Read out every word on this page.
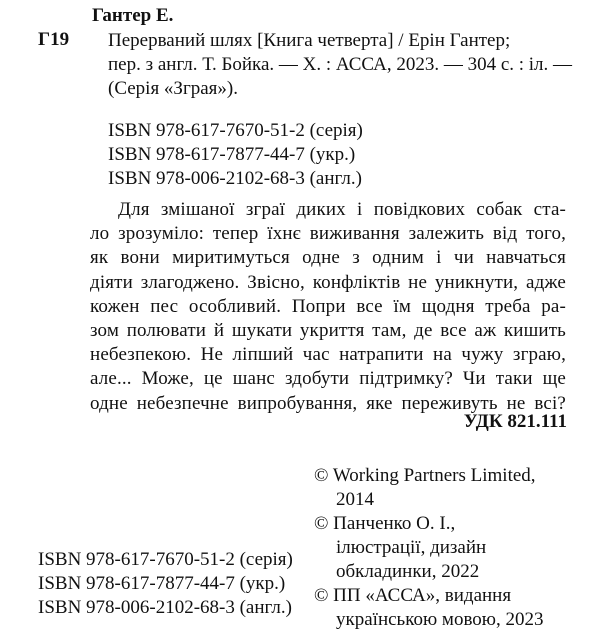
Гантер Е.
Г19 Перерваний шлях [Книга четверта] / Ерін Гантер;
пер. з англ. Т. Бойка. — Х. : АССА, 2023. — 304 с. : іл. —
(Серія «Зграя»).
ISBN 978-617-7670-51-2 (серія)
ISBN 978-617-7877-44-7 (укр.)
ISBN 978-006-2102-68-3 (англ.)
Для змішаної зграї диких і повідкових собак ста-
ло зрозуміло: тепер їхнє виживання залежить від того,
як вони миритимуться одне з одним і чи навчаться
діяти злагоджено. Звісно, конфліктів не уникнути, адже
кожен пес особливий. Попри все їм щодня треба ра-
зом полювати й шукати укриття там, де все аж кишить
небезпекою. Не ліпший час натрапити на чужу зграю,
але... Може, це шанс здобути підтримку? Чи таки ще
одне небезпечне випробування, яке переживуть не всі?
УДК 821.111
© Working Partners Limited,
2014
© Панченко О. І.,
ілюстрації, дизайн
обкладинки, 2022
© ПП «АССА», видання
українською мовою, 2023
ISBN 978-617-7670-51-2 (серія)
ISBN 978-617-7877-44-7 (укр.)
ISBN 978-006-2102-68-3 (англ.)
